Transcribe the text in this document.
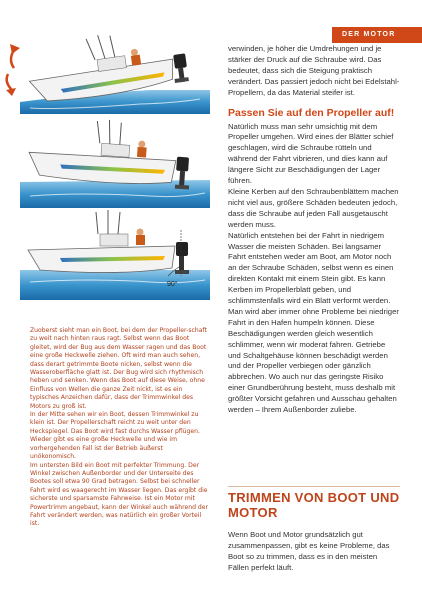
DER MOTOR
90°

Zuoberst sieht man ein Boot, bei dem der Propeller-schaft zu weit nach hinten raus ragt. Selbst wenn das Boot gleitet, wird der Bug aus dem Wasser ragen und das Boot eine große Heckwelle ziehen. Oft wird man auch sehen, dass derart getrimmte Boote nicken, selbst wenn die Wasseroberfläche glatt ist. Der Bug wird sich rhythmisch heben und senken. Wenn das Boot auf diese Weise, ohne Einfluss von Wellen die ganze Zeit nickt, ist es ein typisches Anzeichen dafür, dass der Trimmwinkel des Motors zu groß ist.

In der Mitte sehen wir ein Boot, dessen Trimmwinkel zu klein ist. Der Propellerschaft reicht zu weit unter den Heckspiegel. Das Boot wird fast durchs Wasser pflügen. Wieder gibt es eine große Heckwelle und wie im vorhergehenden Fall ist der Betrieb äußerst unökonomisch.

Im untersten Bild ein Boot mit perfekter Trimmung. Der Winkel zwischen Außenborder und der Unterseite des Bootes soll etwa 90 Grad betragen. Selbst bei schneller Fahrt wird es waagerecht im Wasser liegen. Das ergibt die sicherste und sparsamste Fahrweise. Ist ein Motor mit Powertrimm angebaut, kann der Winkel auch während der Fahrt verändert werden, was natürlich ein großer Vorteil ist.

verwinden, je höher die Umdrehungen und je stärker der Druck auf die Schraube wird. Das bedeutet, dass sich die Steigung praktisch verändert. Das passiert jedoch nicht bei Edelstahl-Propellern, da das Material steifer ist.

Passen Sie auf den Propeller auf!

Natürlich muss man sehr umsichtig mit dem Propeller umgehen. Wird eines der Blätter schief geschlagen, wird die Schraube rütteln und während der Fahrt vibrieren, und dies kann auf längere Sicht zur Beschädigungen der Lager führen.

Kleine Kerben auf den Schraubenblättern machen nicht viel aus, größere Schäden bedeuten jedoch, dass die Schraube auf jeden Fall ausgetauscht werden muss.

Natürlich entstehen bei der Fahrt in niedrigem Wasser die meisten Schäden. Bei langsamer Fahrt entstehen weder am Boot, am Motor noch an der Schraube Schäden, selbst wenn es einen direkten Kontakt mit einem Stein gibt. Es kann Kerben im Propellerblatt geben, und schlimmstenfalls wird ein Blatt verformt werden. Man wird aber immer ohne Probleme bei niedriger Fahrt in den Hafen humpeln können. Diese Beschädigungen werden gleich wesentlich schlimmer, wenn wir moderat fahren. Getriebe und Schaltgehäuse können beschädigt werden und der Propeller verbiegen oder gänzlich abbrechen. Wo auch nur das geringste Risiko einer Grundberührung besteht, muss deshalb mit größter Vorsicht gefahren und Ausschau gehalten werden – Ihrem Außenborder zuliebe.

TRIMMEN VON BOOT UND MOTOR

Wenn Boot und Motor grundsätzlich gut zusammenpassen, gibt es keine Probleme, das Boot so zu trimmen, dass es in den meisten Fällen perfekt läuft.
